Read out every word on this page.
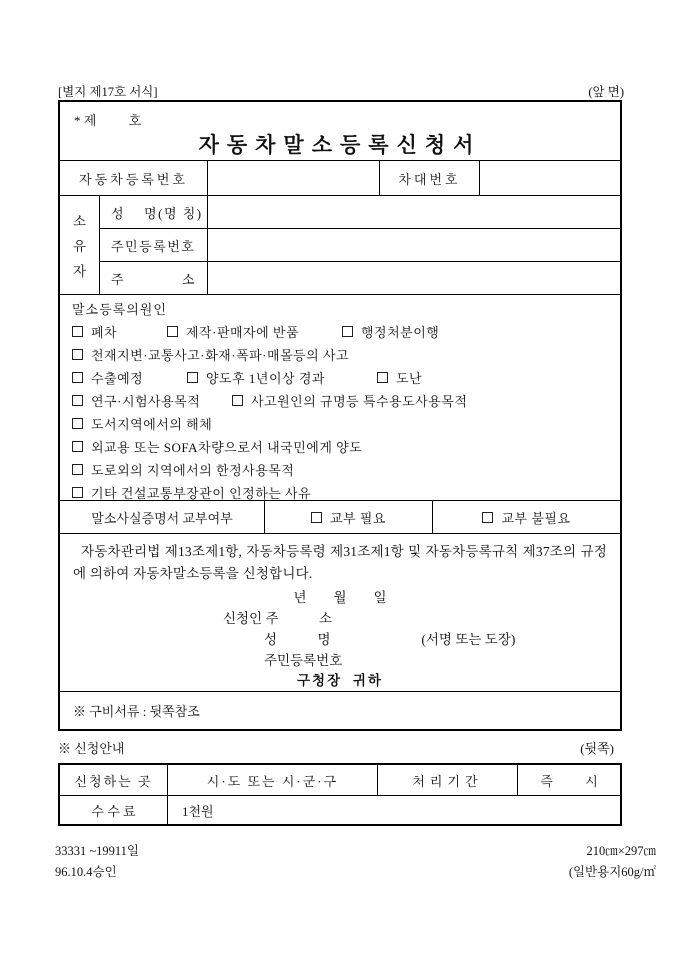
[별지 제17호 서식]	(앞 면)
* 제          호
자동차말소등록신청서
자동차등록번호	차대번호
소
유
자
성    명(명 칭)
주민등록번호
주            소
말소등록의원인
폐차	제작·판매자에 반품	행정처분이행
천재지변·교통사고·화재·폭파·매몰등의 사고
수출예정	양도후 1년이상 경과	도난
연구·시험사용목적	사고원인의 규명등 특수용도사용목적
도서지역에서의 해체
외교용 또는 SOFA차량으로서 내국민에게 양도
도로외의 지역에서의 한정사용목적
기타 건설교통부장관이 인정하는 사유
말소사실증명서 교부여부	교부 필요	교부 불필요
자동차관리법 제13조제1항, 자동차등록령 제31조제1항 및 자동차등록규칙 제37조의 규정에 의하여 자동차말소등록을 신청합니다.
년        월        일
신청인 주            소
성            명	(서명 또는 도장)
주민등록번호
구청장  귀하
※ 구비서류 : 뒷쪽참조
※ 신청안내	(뒷쪽)
신청하는 곳	시·도 또는 시·군·구	처리기간	즉          시
수 수 료	1천원
33331 ~19911일
96.10.4승인
210㎝×297㎝
(일반용지60g/㎡
